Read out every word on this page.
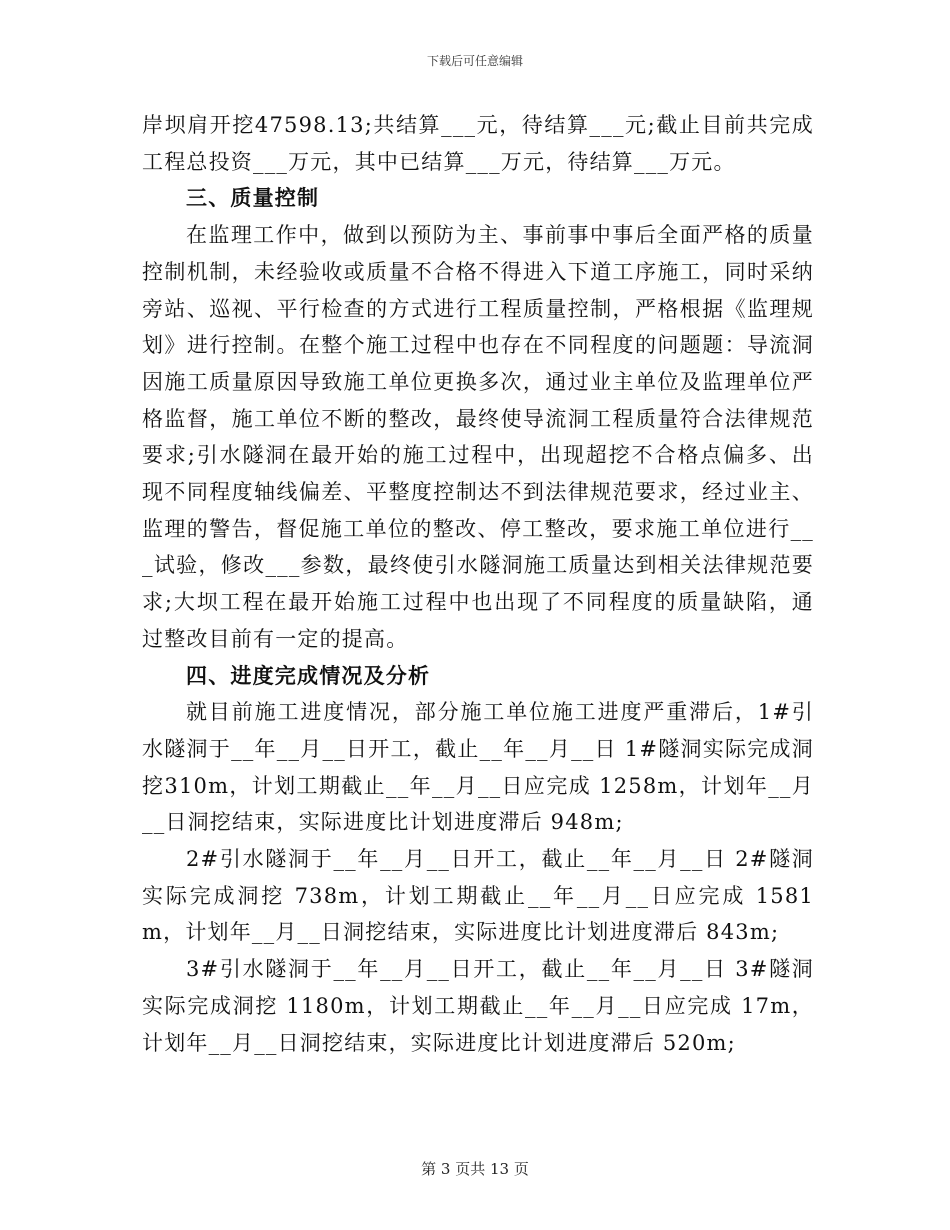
下载后可任意编辑

岸坝肩开挖47598.13;共结算___元，待结算___元;截止目前共完成工程总投资___万元，其中已结算___万元，待结算___万元。

三、质量控制

在监理工作中，做到以预防为主、事前事中事后全面严格的质量控制机制，未经验收或质量不合格不得进入下道工序施工，同时采纳旁站、巡视、平行检查的方式进行工程质量控制，严格根据《监理规划》进行控制。在整个施工过程中也存在不同程度的问题题：导流洞因施工质量原因导致施工单位更换多次，通过业主单位及监理单位严格监督，施工单位不断的整改，最终使导流洞工程质量符合法律规范要求;引水隧洞在最开始的施工过程中，出现超挖不合格点偏多、出现不同程度轴线偏差、平整度控制达不到法律规范要求，经过业主、监理的警告，督促施工单位的整改、停工整改，要求施工单位进行___试验，修改___参数，最终使引水隧洞施工质量达到相关法律规范要求;大坝工程在最开始施工过程中也出现了不同程度的质量缺陷，通过整改目前有一定的提高。

四、进度完成情况及分析

就目前施工进度情况，部分施工单位施工进度严重滞后，1#引水隧洞于__年__月__日开工，截止__年__月__日 1#隧洞实际完成洞挖310m，计划工期截止__年__月__日应完成 1258m，计划年__月__日洞挖结束，实际进度比计划进度滞后 948m;

2#引水隧洞于__年__月__日开工，截止__年__月__日 2#隧洞实际完成洞挖 738m，计划工期截止__年__月__日应完成 1581m，计划年__月__日洞挖结束，实际进度比计划进度滞后 843m;

3#引水隧洞于__年__月__日开工，截止__年__月__日 3#隧洞实际完成洞挖 1180m，计划工期截止__年__月__日应完成 17m，计划年__月__日洞挖结束，实际进度比计划进度滞后 520m;

第 3 页共 13 页
